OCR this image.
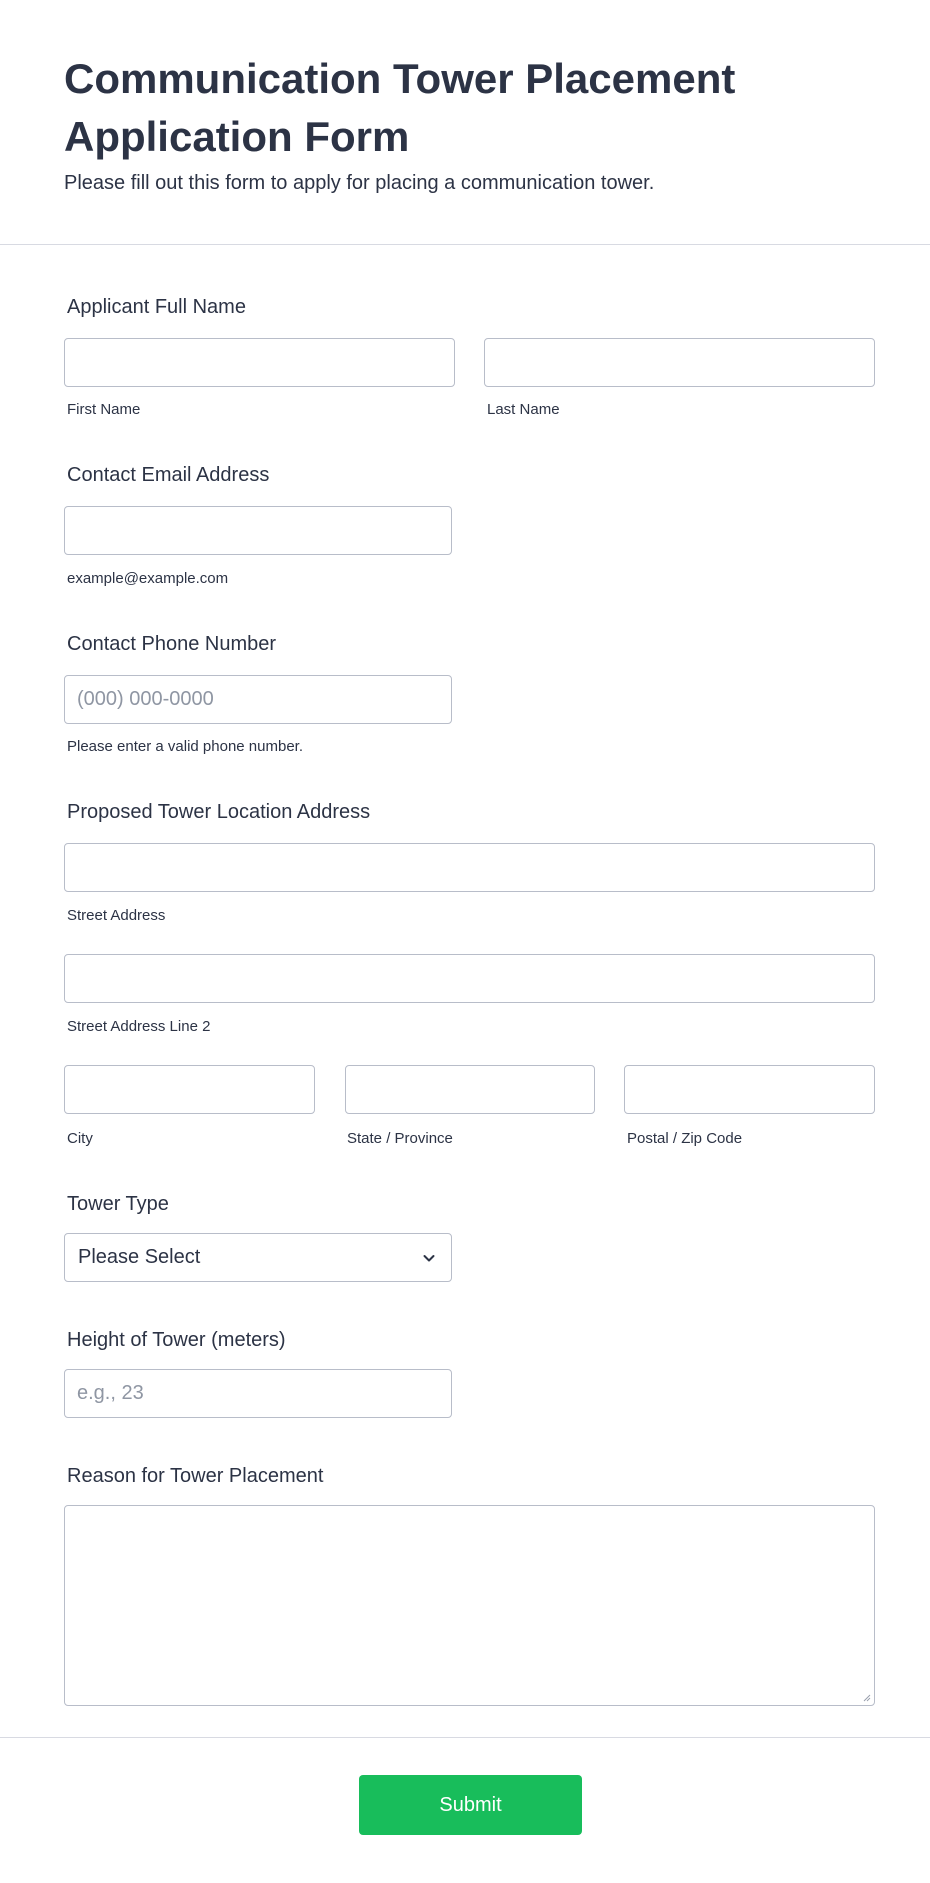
Communication Tower Placement Application Form

Please fill out this form to apply for placing a communication tower.

Applicant Full Name
First Name	Last Name
Contact Email Address
example@example.com
Contact Phone Number
(000) 000-0000
Please enter a valid phone number.
Proposed Tower Location Address
Street Address
Street Address Line 2
City	State / Province	Postal / Zip Code
Tower Type
Please Select
Height of Tower (meters)
e.g., 23
Reason for Tower Placement
Submit
